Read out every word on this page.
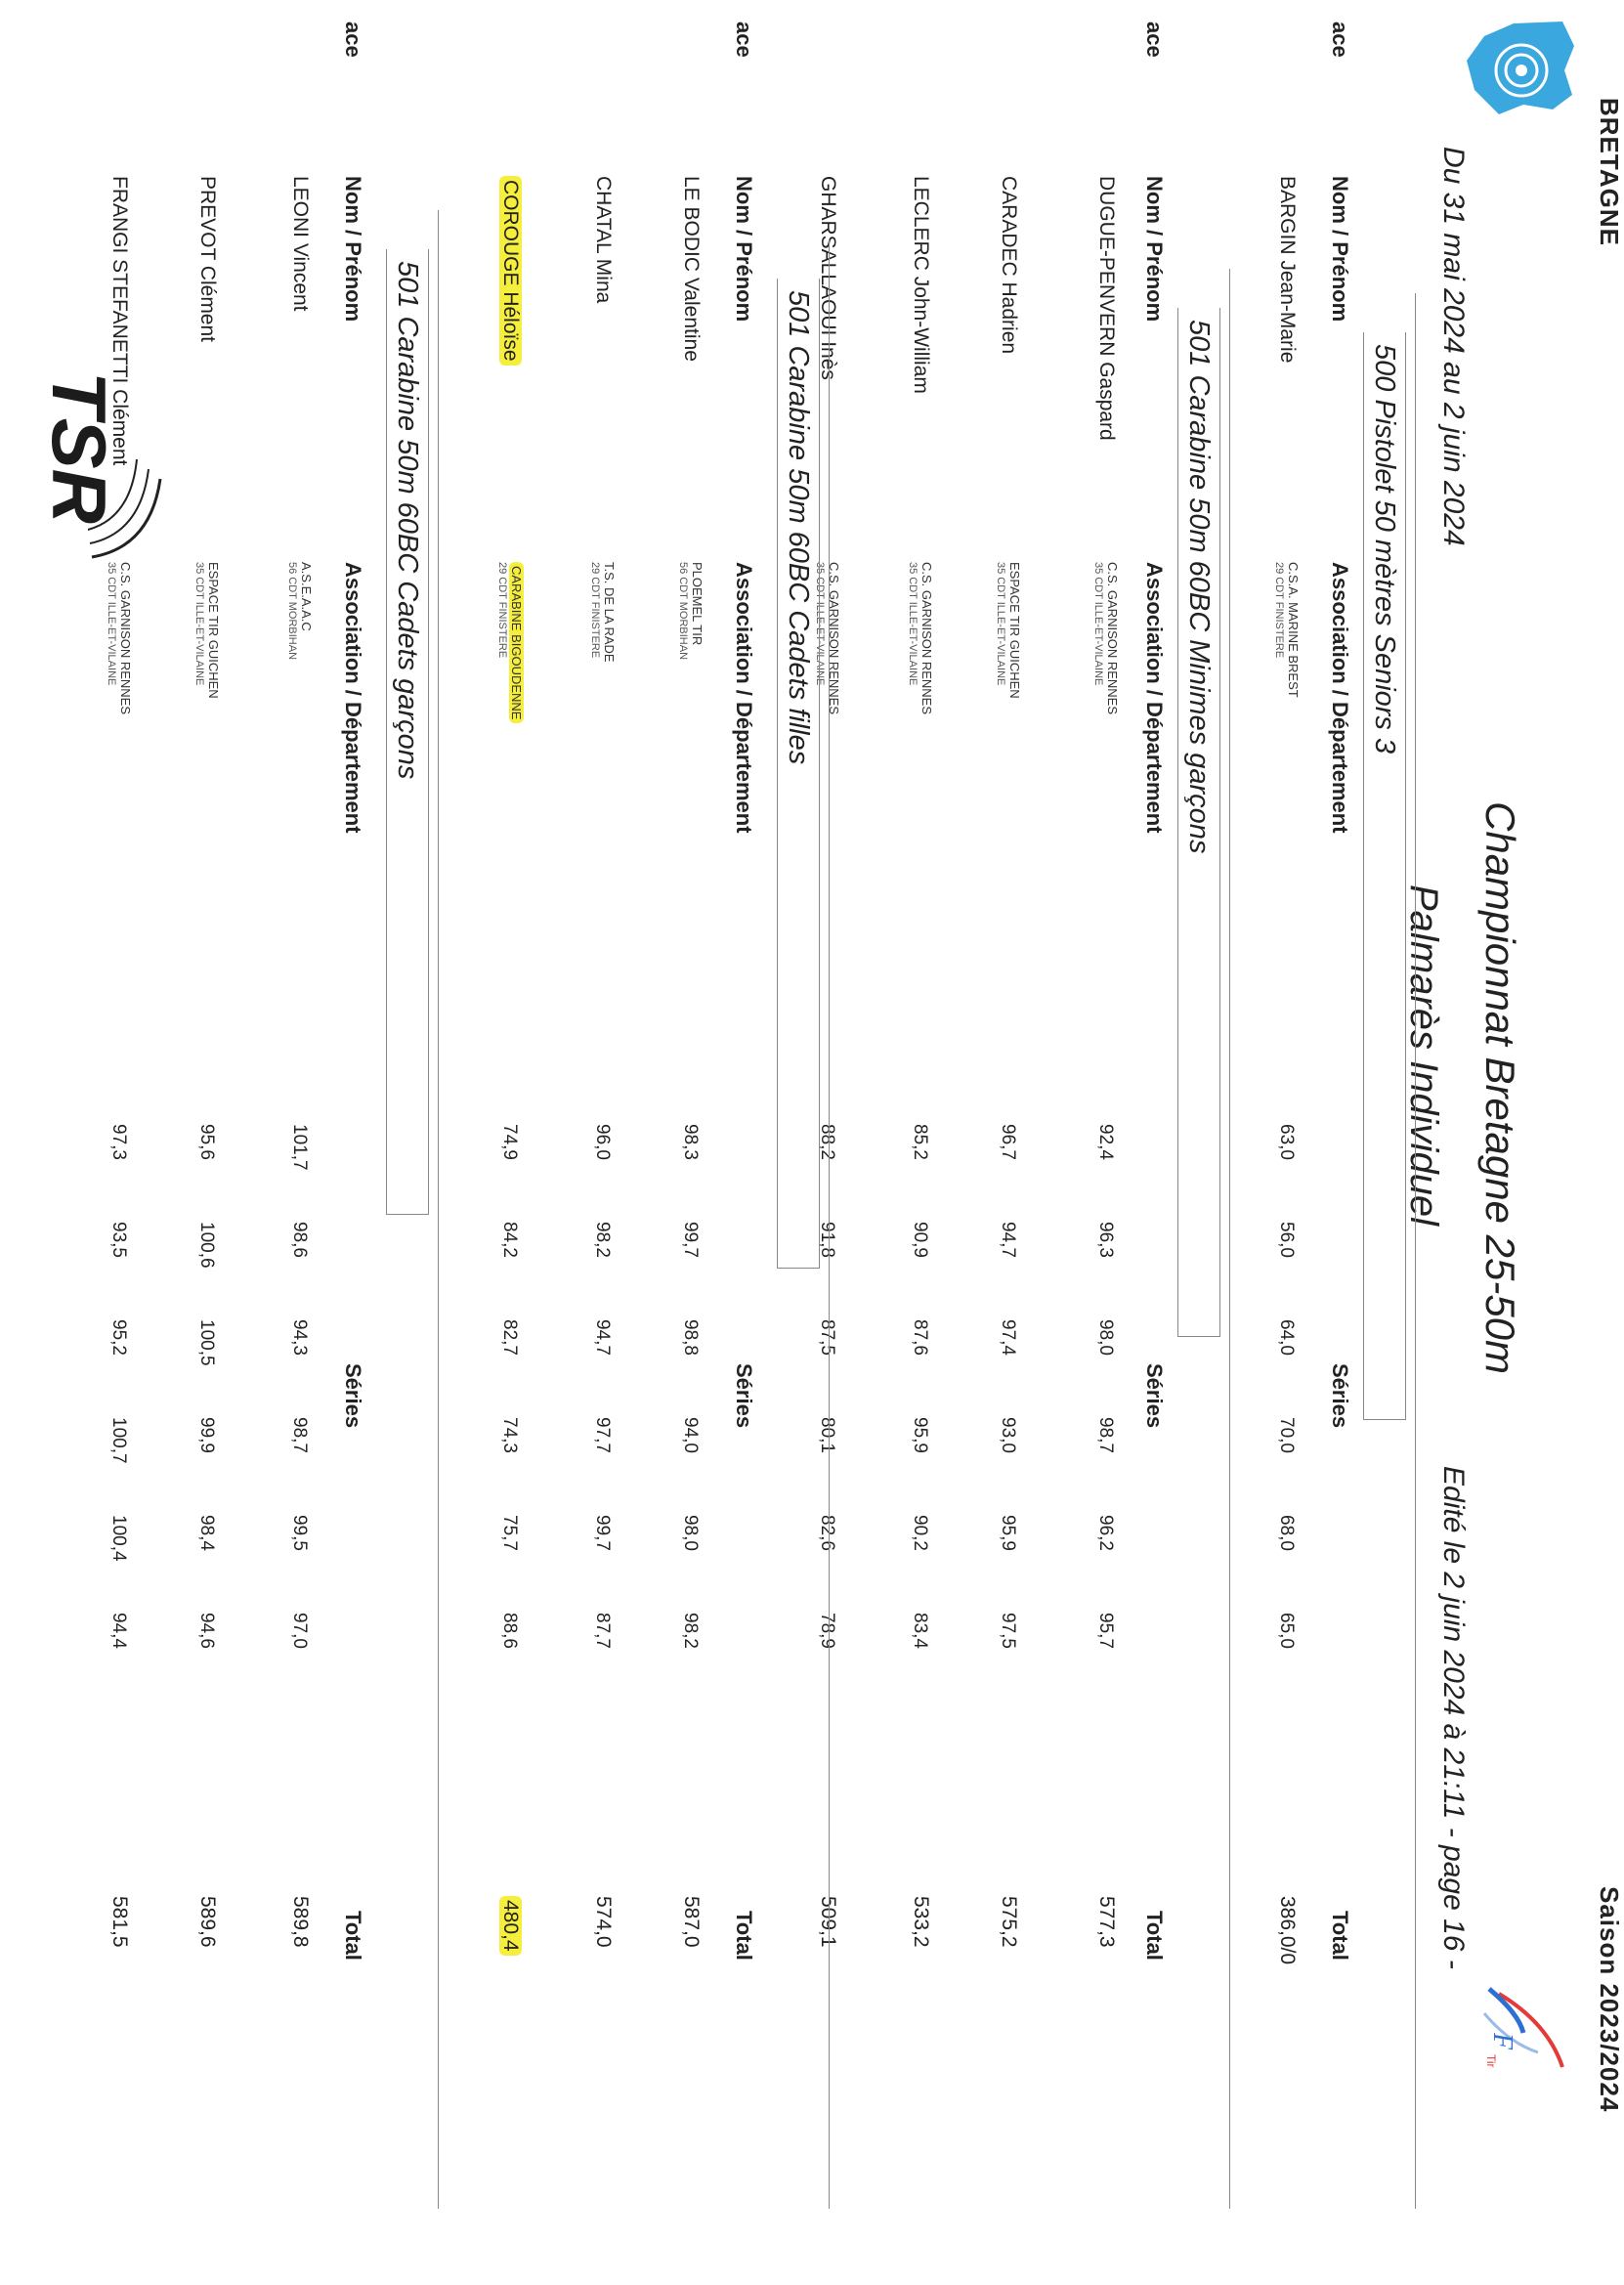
BRETAGNE
Saison 2023/2024
Du 31 mai 2024 au 2 juin 2024
Championnat Bretagne 25-50m
Palmarès Individuel
Edité le 2 juin 2024 à 21:11 - page 16 -
F
Tir
500 Pistolet 50 mètres Seniors 3
ace
Nom / Prénom
Association / Département
Séries
Total
BARGIN Jean-Marie
C.S.A. MARINE BREST
29 CDT FINISTERE
63,0
56,0
64,0
70,0
68,0
65,0
386,0/0
501 Carabine 50m 60BC Minimes garçons
ace
Nom / Prénom
Association / Département
Séries
Total
DUGUE-PENVERN Gaspard
C.S. GARNISON RENNES
35 CDT ILLE-ET-VILAINE
92,4
96,3
98,0
98,7
96,2
95,7
577,3
CARADEC Hadrien
ESPACE TIR GUICHEN
35 CDT ILLE-ET-VILAINE
96,7
94,7
97,4
93,0
95,9
97,5
575,2
LECLERC John-William
C.S. GARNISON RENNES
35 CDT ILLE-ET-VILAINE
85,2
90,9
87,6
95,9
90,2
83,4
533,2
GHARSALLAOUI Inès
C.S. GARNISON RENNES
35 CDT ILLE-ET-VILAINE
88,2
91,8
87,5
80,1
82,6
78,9
509,1
501 Carabine 50m 60BC Cadets filles
ace
Nom / Prénom
Association / Département
Séries
Total
LE BODIC Valentine
PLOEMEL TIR
56 CDT MORBIHAN
98,3
99,7
98,8
94,0
98,0
98,2
587,0
CHATAL Mina
T.S. DE LA RADE
29 CDT FINISTERE
96,0
98,2
94,7
97,7
99,7
87,7
574,0
COROUGE Héloïse
CARABINE BIGOUDENNE
29 CDT FINISTERE
74,9
84,2
82,7
74,3
75,7
88,6
480,4
501 Carabine 50m 60BC Cadets garçons
ace
Nom / Prénom
Association / Département
Séries
Total
LEONI Vincent
A.S.E.A.A.C
56 CDT MORBIHAN
101,7
98,6
94,3
98,7
99,5
97,0
589,8
PREVOT Clément
ESPACE TIR GUICHEN
35 CDT ILLE-ET-VILAINE
95,6
100,6
100,5
99,9
98,4
94,6
589,6
FRANGI STEFANETTI Clément
C.S. GARNISON RENNES
35 CDT ILLE-ET-VILAINE
97,3
93,5
95,2
100,7
100,4
94,4
581,5
TSR
